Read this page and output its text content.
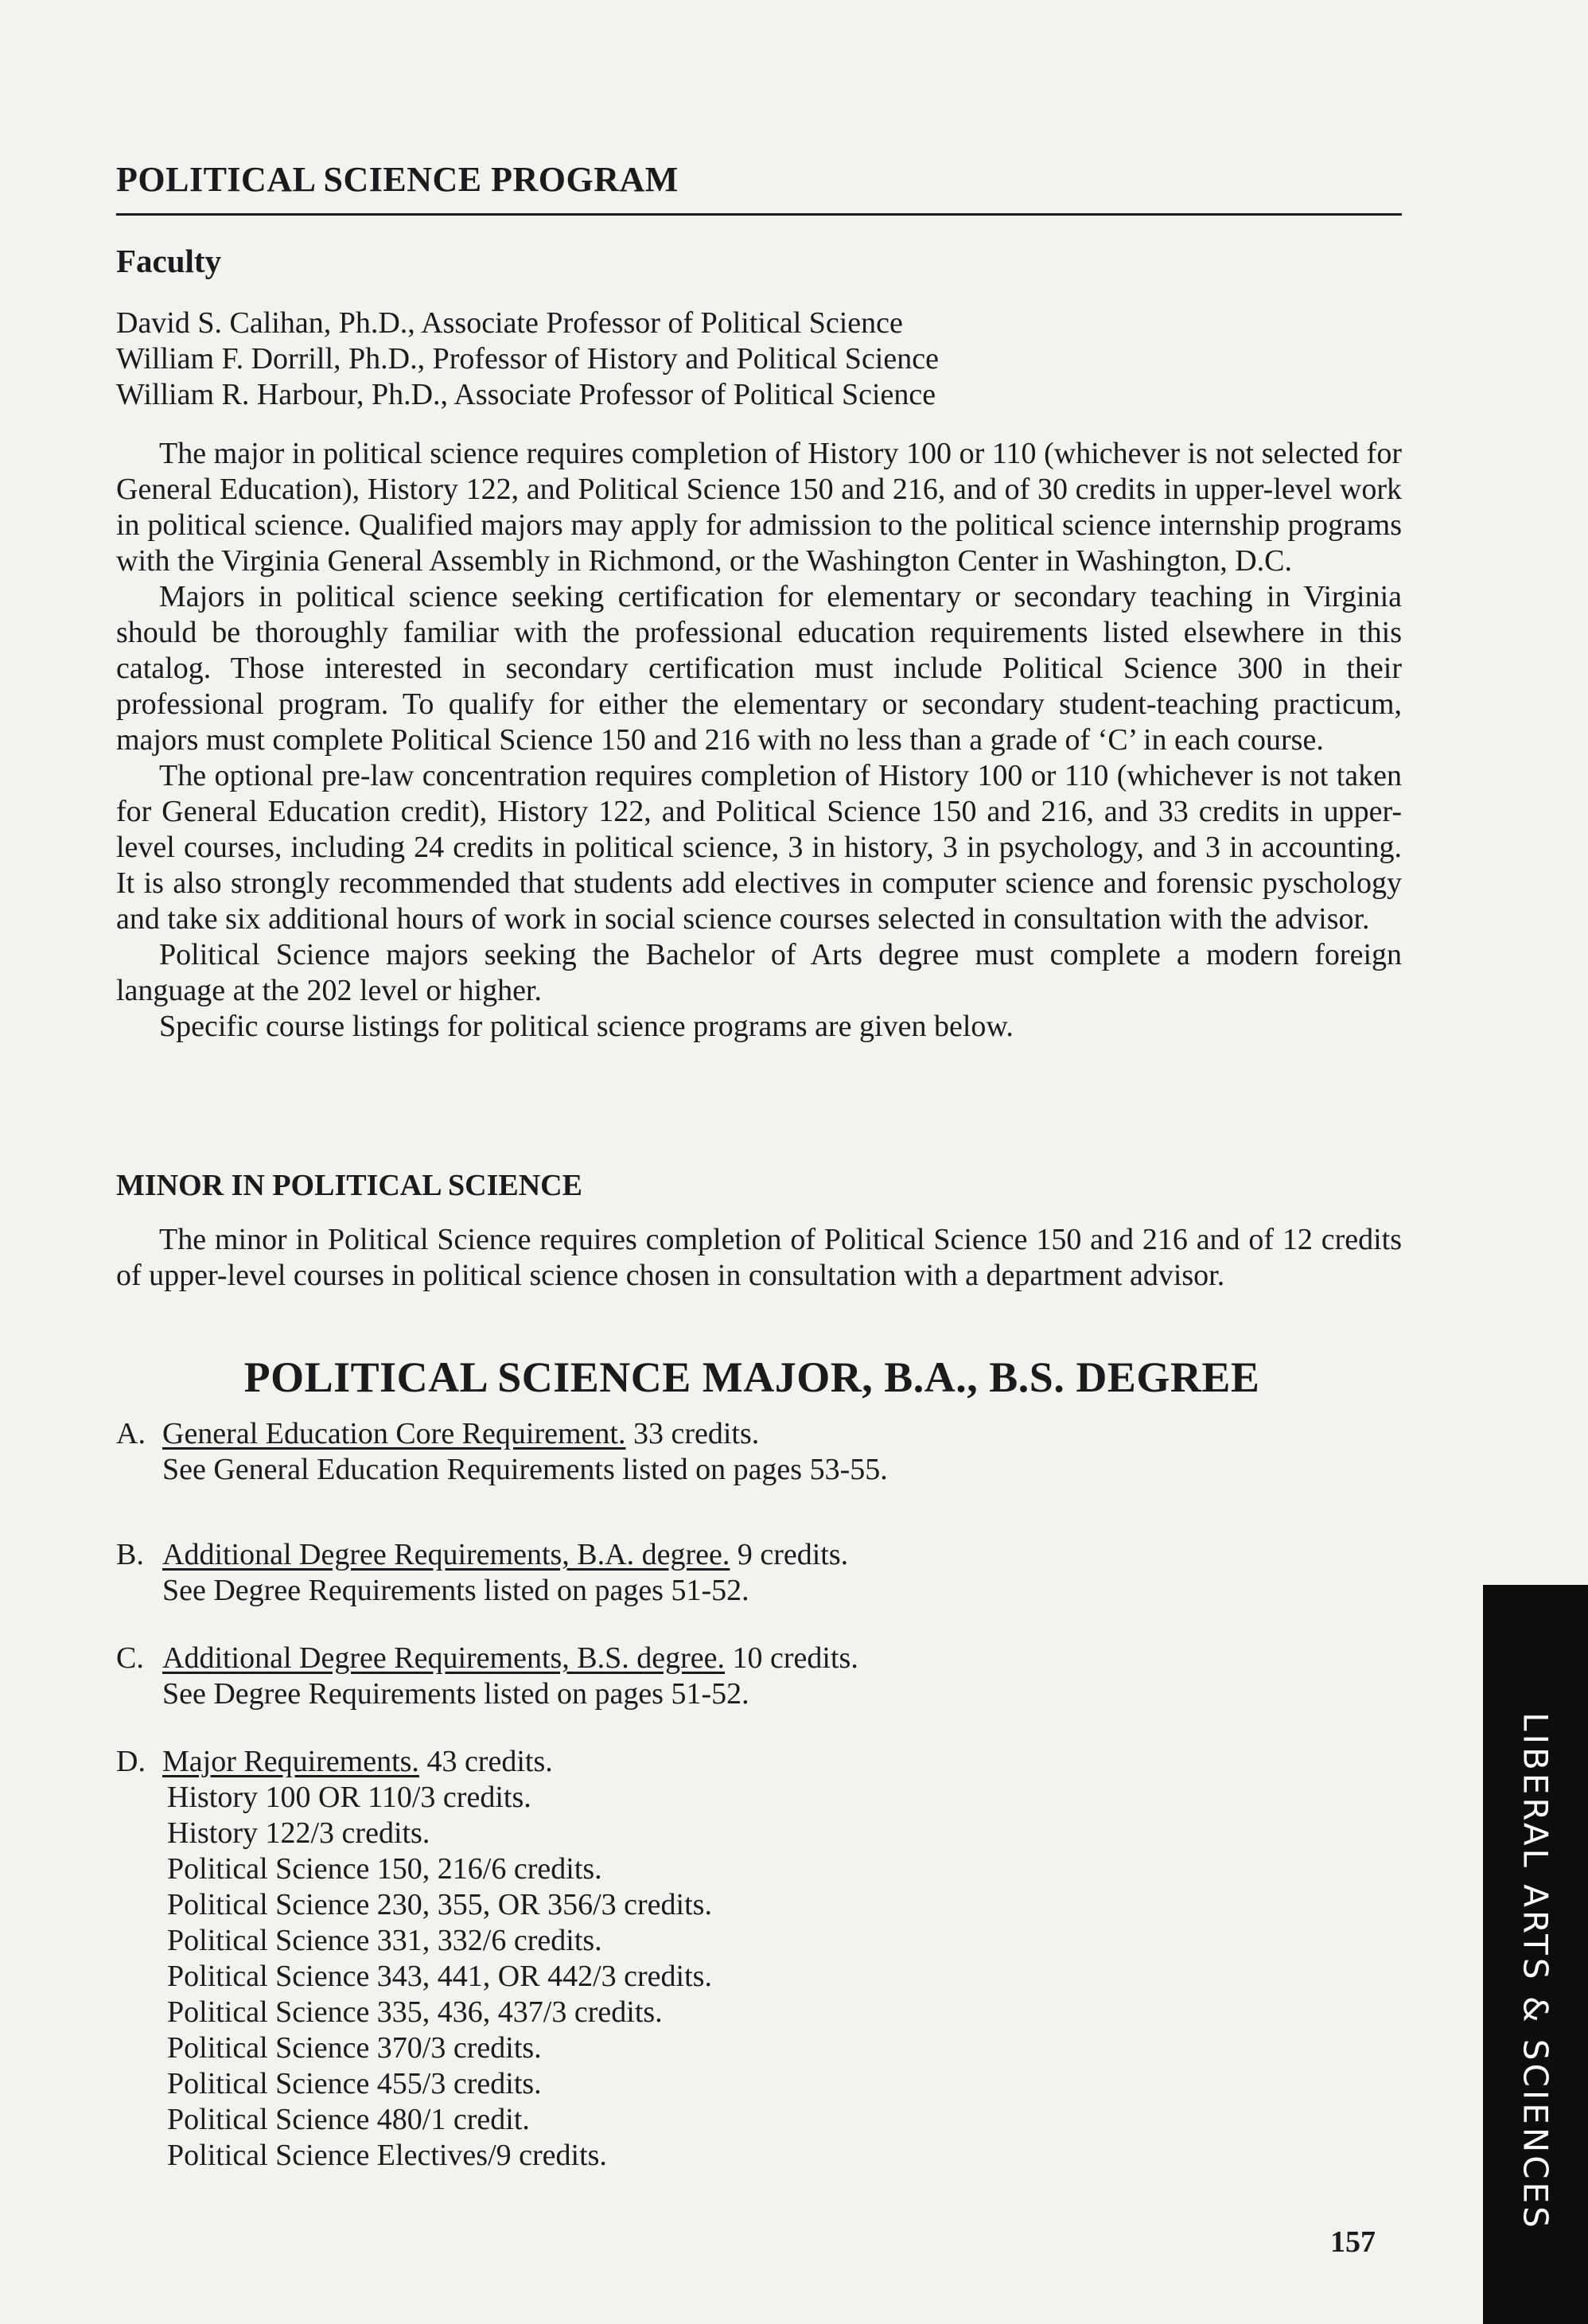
POLITICAL SCIENCE PROGRAM
Faculty
David S. Calihan, Ph.D., Associate Professor of Political Science
William F. Dorrill, Ph.D., Professor of History and Political Science
William R. Harbour, Ph.D., Associate Professor of Political Science

The major in political science requires completion of History 100 or 110 (whichever is not selected for General Education), History 122, and Political Science 150 and 216, and of 30 credits in upper-level work in political science. Qualified majors may apply for admission to the political science internship programs with the Virginia General Assembly in Richmond, or the Washington Center in Washington, D.C.

Majors in political science seeking certification for elementary or secondary teaching in Virginia should be thoroughly familiar with the professional education requirements listed elsewhere in this catalog. Those interested in secondary certification must include Political Science 300 in their professional program. To qualify for either the elementary or secondary student-teaching practicum, majors must complete Political Science 150 and 216 with no less than a grade of ‘C’ in each course.

The optional pre-law concentration requires completion of History 100 or 110 (whichever is not taken for General Education credit), History 122, and Political Science 150 and 216, and 33 credits in upper-level courses, including 24 credits in political science, 3 in history, 3 in psychology, and 3 in accounting. It is also strongly recommended that students add electives in computer science and forensic pyschology and take six additional hours of work in social science courses selected in consultation with the advisor.

Political Science majors seeking the Bachelor of Arts degree must complete a modern foreign language at the 202 level or higher.

Specific course listings for political science programs are given below.

MINOR IN POLITICAL SCIENCE

The minor in Political Science requires completion of Political Science 150 and 216 and of 12 credits of upper-level courses in political science chosen in consultation with a department advisor.

POLITICAL SCIENCE MAJOR, B.A., B.S. DEGREE
A. General Education Core Requirement. 33 credits.
See General Education Requirements listed on pages 53-55.
B. Additional Degree Requirements, B.A. degree. 9 credits.
See Degree Requirements listed on pages 51-52.
C. Additional Degree Requirements, B.S. degree. 10 credits.
See Degree Requirements listed on pages 51-52.
D. Major Requirements. 43 credits.
History 100 OR 110/3 credits.
History 122/3 credits.
Political Science 150, 216/6 credits.
Political Science 230, 355, OR 356/3 credits.
Political Science 331, 332/6 credits.
Political Science 343, 441, OR 442/3 credits.
Political Science 335, 436, 437/3 credits.
Political Science 370/3 credits.
Political Science 455/3 credits.
Political Science 480/1 credit.
Political Science Electives/9 credits.
157
LIBERAL ARTS & SCIENCES
